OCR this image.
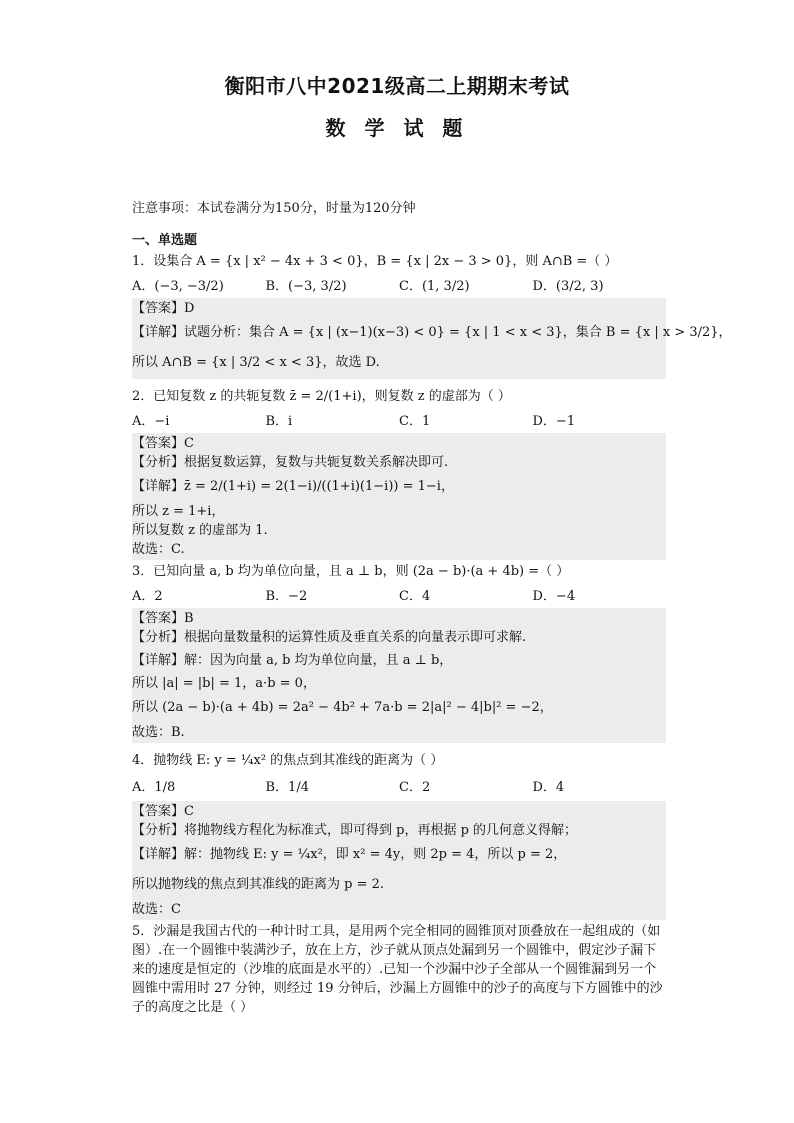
衡阳市八中2021级高二上期期末考试
数 学 试 题
注意事项：本试卷满分为150分，时量为120分钟
一、单选题
1．设集合 A = {x | x² − 4x + 3 < 0}，B = {x | 2x − 3 > 0}，则 A∩B =（ ）
A．(−3, −3/2)	B．(−3, 3/2)	C．(1, 3/2)	D．(3/2, 3)
【答案】D
【详解】试题分析：集合 A = {x | (x−1)(x−3) < 0} = {x | 1 < x < 3}，集合 B = {x | x > 3/2}，
所以 A∩B = {x | 3/2 < x < 3}，故选 D.
2．已知复数 z 的共轭复数 z̄ = 2/(1+i)，则复数 z 的虚部为（ ）
A．−i	B．i	C．1	D．−1
【答案】C
【分析】根据复数运算，复数与共轭复数关系解决即可.
【详解】z̄ = 2/(1+i) = 2(1−i)/((1+i)(1−i)) = 1−i，
所以 z = 1+i，
所以复数 z 的虚部为 1.
故选：C.
3．已知向量 a, b 均为单位向量，且 a ⊥ b，则 (2a − b)·(a + 4b) =（ ）
A．2	B．−2	C．4	D．−4
【答案】B
【分析】根据向量数量积的运算性质及垂直关系的向量表示即可求解.
【详解】解：因为向量 a, b 均为单位向量，且 a ⊥ b，
所以 |a| = |b| = 1，a·b = 0，
所以 (2a − b)·(a + 4b) = 2a² − 4b² + 7a·b = 2|a|² − 4|b|² = −2，
故选：B.
4．抛物线 E: y = ¼x² 的焦点到其准线的距离为（ ）
A．1/8	B．1/4	C．2	D．4
【答案】C
【分析】将抛物线方程化为标准式，即可得到 p，再根据 p 的几何意义得解；
【详解】解：抛物线 E: y = ¼x²，即 x² = 4y，则 2p = 4，所以 p = 2，
所以抛物线的焦点到其准线的距离为 p = 2.
故选：C
5．沙漏是我国古代的一种计时工具，是用两个完全相同的圆锥顶对顶叠放在一起组成的（如图）.在一个圆锥中装满沙子，放在上方，沙子就从顶点处漏到另一个圆锥中，假定沙子漏下来的速度是恒定的（沙堆的底面是水平的）.已知一个沙漏中沙子全部从一个圆锥漏到另一个圆锥中需用时 27 分钟，则经过 19 分钟后，沙漏上方圆锥中的沙子的高度与下方圆锥中的沙子的高度之比是（ ）
